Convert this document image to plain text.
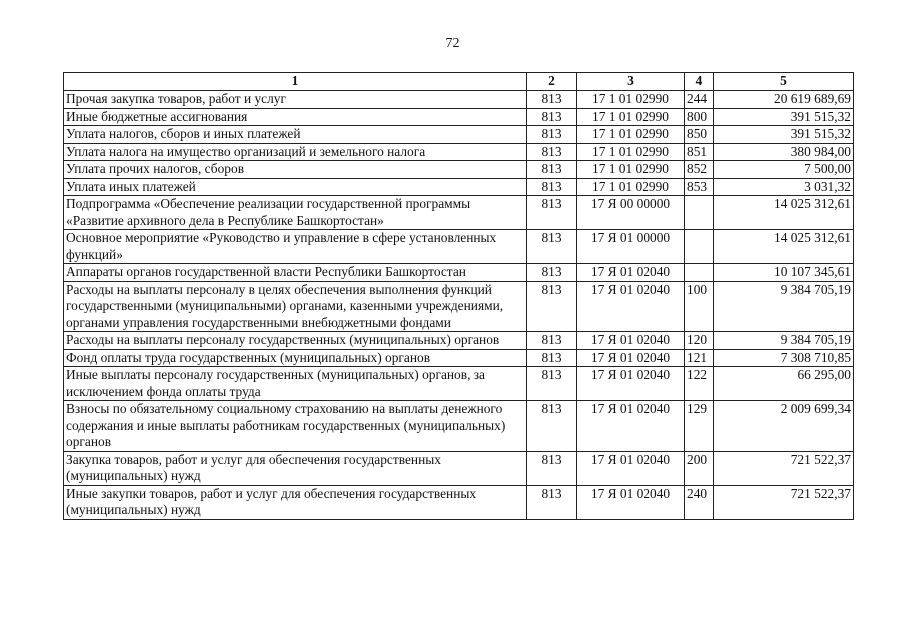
72
1	2	3	4	5
Прочая закупка товаров, работ и услуг	813	17 1 01 02990	244	20 619 689,69
Иные бюджетные ассигнования	813	17 1 01 02990	800	391 515,32
Уплата налогов, сборов и иных платежей	813	17 1 01 02990	850	391 515,32
Уплата налога на имущество организаций и земельного налога	813	17 1 01 02990	851	380 984,00
Уплата прочих налогов, сборов	813	17 1 01 02990	852	7 500,00
Уплата иных платежей	813	17 1 01 02990	853	3 031,32
Подпрограмма «Обеспечение реализации государственной программы «Развитие архивного дела в Республике Башкортостан»	813	17 Я 00 00000		14 025 312,61
Основное мероприятие «Руководство и управление в сфере установленных функций»	813	17 Я 01 00000		14 025 312,61
Аппараты органов государственной власти Республики Башкортостан	813	17 Я 01 02040		10 107 345,61
Расходы на выплаты персоналу в целях обеспечения выполнения функций государственными (муниципальными) органами, казенными учреждениями, органами управления государственными внебюджетными фондами	813	17 Я 01 02040	100	9 384 705,19
Расходы на выплаты персоналу государственных (муниципальных) органов	813	17 Я 01 02040	120	9 384 705,19
Фонд оплаты труда государственных (муниципальных) органов	813	17 Я 01 02040	121	7 308 710,85
Иные выплаты персоналу государственных (муниципальных) органов, за исключением фонда оплаты труда	813	17 Я 01 02040	122	66 295,00
Взносы по обязательному социальному страхованию на выплаты денежного содержания и иные выплаты работникам государственных (муниципальных) органов	813	17 Я 01 02040	129	2 009 699,34
Закупка товаров, работ и услуг для обеспечения государственных (муниципальных) нужд	813	17 Я 01 02040	200	721 522,37
Иные закупки товаров, работ и услуг для обеспечения государственных (муниципальных) нужд	813	17 Я 01 02040	240	721 522,37
